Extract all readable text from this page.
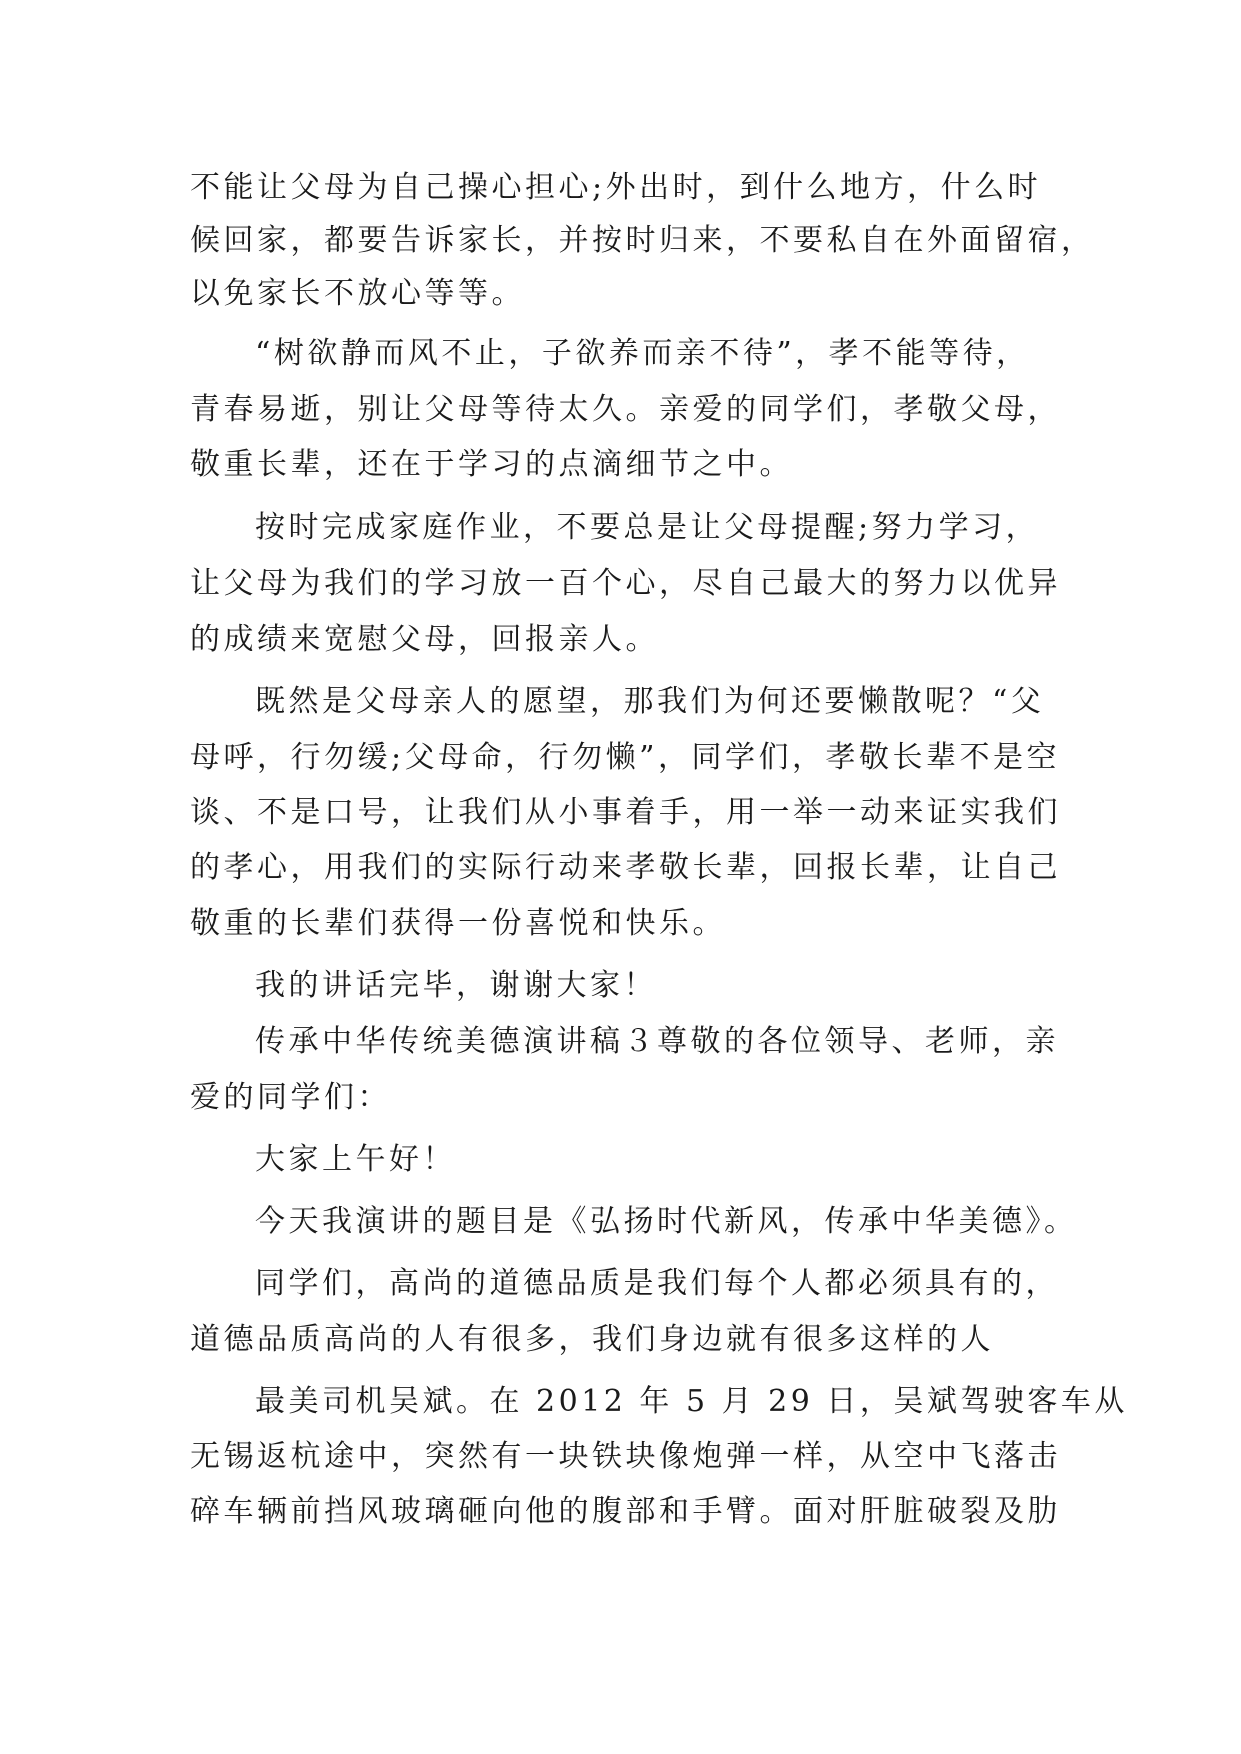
不能让父母为自己操心担心;外出时，到什么地方，什么时
候回家，都要告诉家长，并按时归来，不要私自在外面留宿，
以免家长不放心等等。
“树欲静而风不止，子欲养而亲不待”，孝不能等待，
青春易逝，别让父母等待太久。亲爱的同学们，孝敬父母，
敬重长辈，还在于学习的点滴细节之中。
按时完成家庭作业，不要总是让父母提醒;努力学习，
让父母为我们的学习放一百个心，尽自己最大的努力以优异
的成绩来宽慰父母，回报亲人。
既然是父母亲人的愿望，那我们为何还要懒散呢？“父
母呼，行勿缓;父母命，行勿懒”，同学们，孝敬长辈不是空
谈、不是口号，让我们从小事着手，用一举一动来证实我们
的孝心，用我们的实际行动来孝敬长辈，回报长辈，让自己
敬重的长辈们获得一份喜悦和快乐。
我的讲话完毕，谢谢大家！
传承中华传统美德演讲稿３尊敬的各位领导、老师，亲
爱的同学们：
大家上午好！
今天我演讲的题目是《弘扬时代新风，传承中华美德》。
同学们，高尚的道德品质是我们每个人都必须具有的，
道德品质高尚的人有很多，我们身边就有很多这样的人
最美司机吴斌。在 2012 年 5 月 29 日，吴斌驾驶客车从
无锡返杭途中，突然有一块铁块像炮弹一样，从空中飞落击
碎车辆前挡风玻璃砸向他的腹部和手臂。面对肝脏破裂及肋
